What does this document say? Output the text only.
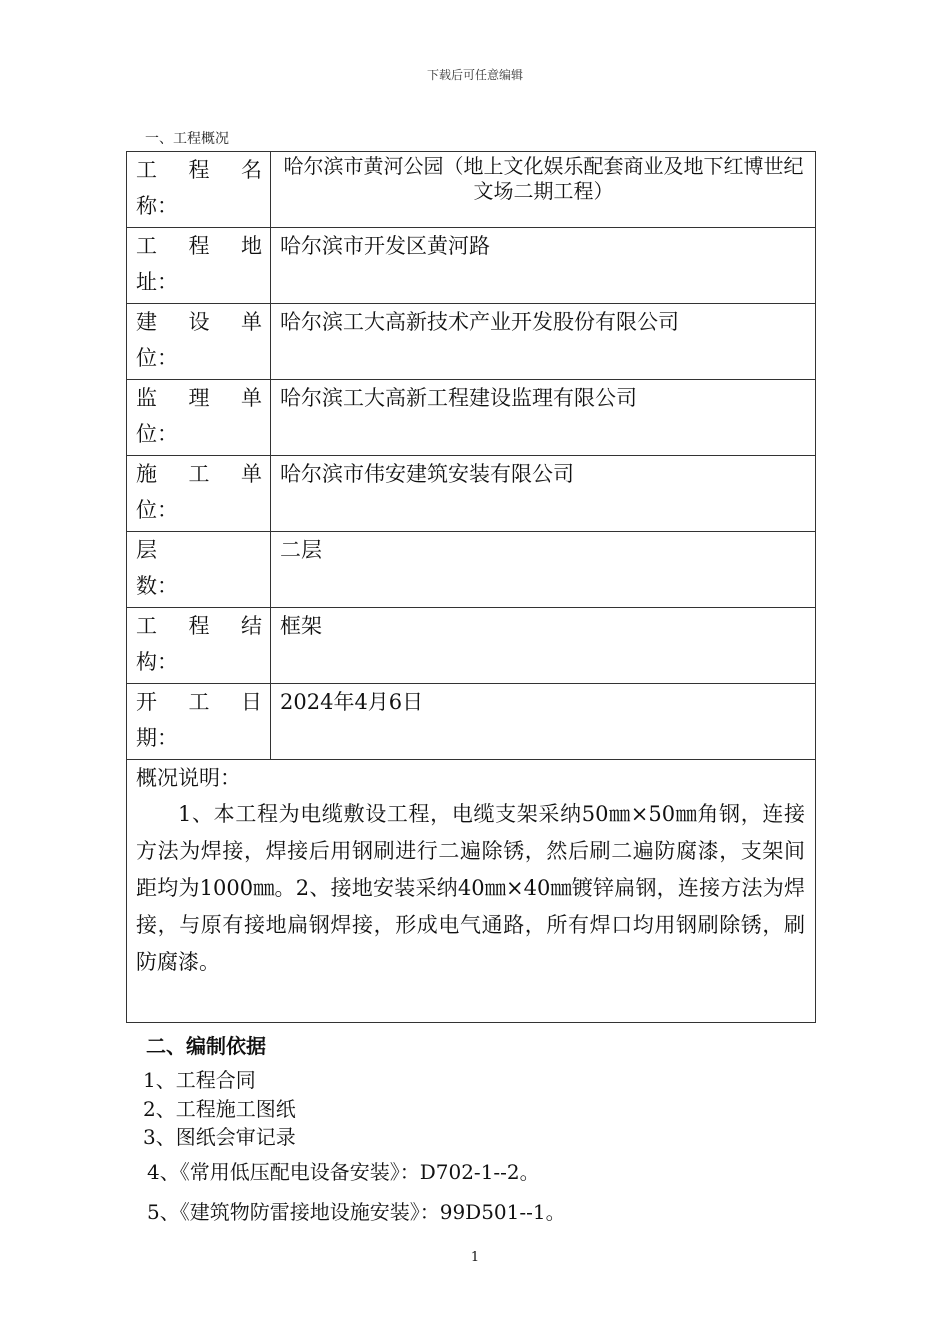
下载后可任意编辑
一、工程概况
工 程 名
称：	哈尔滨市黄河公园（地上文化娱乐配套商业及地下红博世纪文场二期工程）

工 程 地
址：	哈尔滨市开发区黄河路

建 设 单
位：	哈尔滨工大高新技术产业开发股份有限公司

监 理 单
位：	哈尔滨工大高新工程建设监理有限公司

施 工 单
位：	哈尔滨市伟安建筑安装有限公司

层
数：	二层

工 程 结
构：	框架

开 工 日
期：	2024年4月6日

概况说明：
1、本工程为电缆敷设工程，电缆支架采纳50㎜×50㎜角钢，连接方法为焊接，焊接后用钢刷进行二遍除锈，然后刷二遍防腐漆，支架间距均为1000㎜。2、接地安装采纳40㎜×40㎜镀锌扁钢，连接方法为焊接，与原有接地扁钢焊接，形成电气通路，所有焊口均用钢刷除锈，刷防腐漆。	
二、编制依据
1、工程合同
2、工程施工图纸
3、图纸会审记录
4、《常用低压配电设备安装》：D702-1--2。
5、《建筑物防雷接地设施安装》：99D501--1。
1
